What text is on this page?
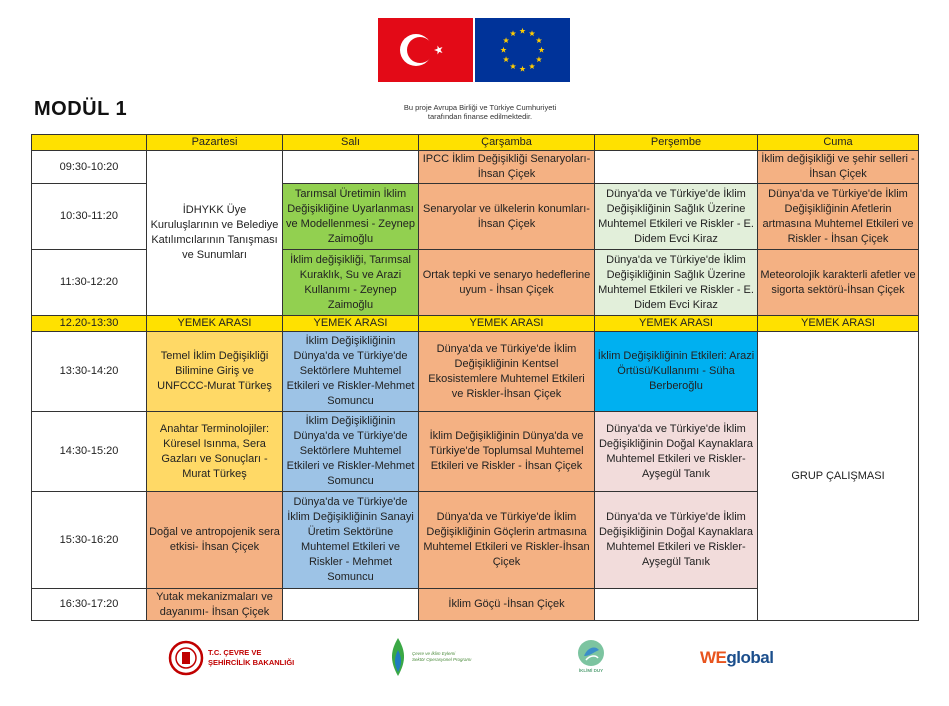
Bu proje Avrupa Birliği ve Türkiye Cumhuriyeti
tarafından finanse edilmektedir.
MODÜL 1
	Pazartesi	Salı	Çarşamba	Perşembe	Cuma
09:30-10:20	İDHYKK Üye Kuruluşlarının ve Belediye Katılımcılarının Tanışması ve Sunumları		IPCC İklim Değişikliği Senaryoları-İhsan Çiçek		İklim değişikliği ve şehir selleri - İhsan Çiçek
10:30-11:20		Tarımsal Üretimin İklim Değişikliğine Uyarlanması ve Modellenmesi - Zeynep Zaimoğlu	Senaryolar ve ülkelerin konumları- İhsan Çiçek	Dünya'da ve Türkiye'de İklim Değişikliğinin Sağlık Üzerine Muhtemel Etkileri ve Riskler - E. Didem Evci Kiraz	Dünya'da ve Türkiye'de İklim Değişikliğinin Afetlerin artmasına Muhtemel Etkileri ve Riskler - İhsan Çiçek
11:30-12:20		İklim değişikliği, Tarımsal Kuraklık, Su ve Arazi Kullanımı - Zeynep Zaimoğlu	Ortak tepki ve senaryo hedeflerine uyum - İhsan Çiçek	Dünya'da ve Türkiye'de İklim Değişikliğinin Sağlık Üzerine Muhtemel Etkileri ve Riskler - E. Didem Evci Kiraz	Meteorolojik karakterli afetler ve sigorta sektörü-İhsan Çiçek
12.20-13:30	YEMEK ARASI	YEMEK ARASI	YEMEK ARASI	YEMEK ARASI	YEMEK ARASI
13:30-14:20	Temel İklim Değişikliği Bilimine Giriş ve UNFCCC-Murat Türkeş	İklim Değişikliğinin Dünya'da ve Türkiye'de Sektörlere Muhtemel Etkileri ve Riskler-Mehmet Somuncu	Dünya'da ve Türkiye'de İklim Değişikliğinin Kentsel Ekosistemlere Muhtemel Etkileri ve Riskler-İhsan Çiçek	İklim Değişikliğinin Etkileri: Arazi Örtüsü/Kullanımı - Süha Berberoğlu	GRUP ÇALIŞMASI
14:30-15:20	Anahtar Terminolojiler: Küresel Isınma, Sera Gazları ve Sonuçları - Murat Türkeş	İklim Değişikliğinin Dünya'da ve Türkiye'de Sektörlere Muhtemel Etkileri ve Riskler-Mehmet Somuncu	İklim Değişikliğinin Dünya'da ve Türkiye'de Toplumsal Muhtemel Etkileri ve Riskler - İhsan Çiçek	Dünya'da ve Türkiye'de İklim Değişikliğinin Doğal Kaynaklara Muhtemel Etkileri ve Riskler-Ayşegül Tanık	
15:30-16:20	Doğal ve antropojenik sera etkisi- İhsan Çiçek	Dünya'da ve Türkiye'de İklim Değişikliğinin Sanayi Üretim Sektörüne Muhtemel Etkileri ve Riskler - Mehmet Somuncu	Dünya'da ve Türkiye'de İklim Değişikliğinin Göçlerin artmasına Muhtemel Etkileri ve Riskler-İhsan Çiçek	Dünya'da ve Türkiye'de İklim Değişikliğinin Doğal Kaynaklara Muhtemel Etkileri ve Riskler-Ayşegül Tanık	
16:30-17:20	Yutak mekanizmaları ve dayanımı- İhsan Çiçek		İklim Göçü -İhsan Çiçek		
T.C. ÇEVRE VE
ŞEHİRCİLİK BAKANLIĞI
Çevre ve İklim Eylemi
Sektör Operasyonel Programı
İKLİMİ DUY
WE global
